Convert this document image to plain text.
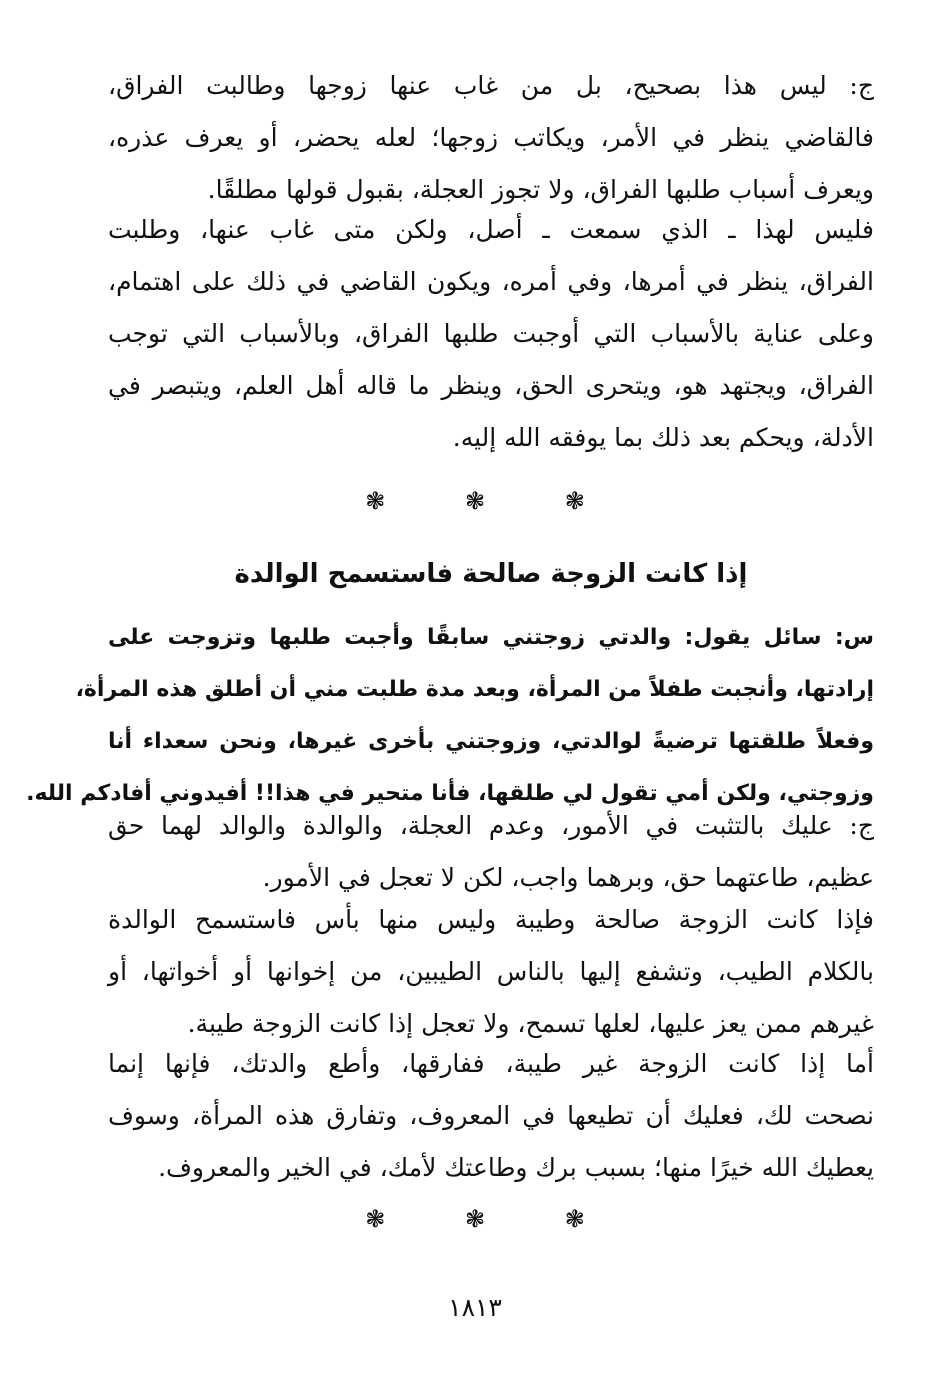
ج: ليس هذا بصحيح، بل من غاب عنها زوجها وطالبت الفراق،
فالقاضي ينظر في الأمر، ويكاتب زوجها؛ لعله يحضر، أو يعرف عذره،
ويعرف أسباب طلبها الفراق، ولا تجوز العجلة، بقبول قولها مطلقًا.
فليس لهذا ـ الذي سمعت ـ أصل، ولكن متى غاب عنها، وطلبت
الفراق، ينظر في أمرها، وفي أمره، ويكون القاضي في ذلك على اهتمام،
وعلى عناية بالأسباب التي أوجبت طلبها الفراق، وبالأسباب التي توجب
الفراق، ويجتهد هو، ويتحرى الحق، وينظر ما قاله أهل العلم، ويتبصر في
الأدلة، ويحكم بعد ذلك بما يوفقه الله إليه.
❃	❃	❃
إذا كانت الزوجة صالحة فاستسمح الوالدة
س: سائل يقول: والدتي زوجتني سابقًا وأجبت طلبها وتزوجت على
إرادتها، وأنجبت طفلاً من المرأة، وبعد مدة طلبت مني أن أطلق هذه المرأة،
وفعلاً طلقتها ترضيةً لوالدتي، وزوجتني بأخرى غيرها، ونحن سعداء أنا
وزوجتي، ولكن أمي تقول لي طلقها، فأنا متحير في هذا!! أفيدوني أفادكم الله.
ج: عليك بالتثبت في الأمور، وعدم العجلة، والوالدة والوالد لهما حق
عظيم، طاعتهما حق، وبرهما واجب، لكن لا تعجل في الأمور.
فإذا كانت الزوجة صالحة وطيبة وليس منها بأس فاستسمح الوالدة
بالكلام الطيب، وتشفع إليها بالناس الطيبين، من إخوانها أو أخواتها، أو
غيرهم ممن يعز عليها، لعلها تسمح، ولا تعجل إذا كانت الزوجة طيبة.
أما إذا كانت الزوجة غير طيبة، ففارقها، وأطع والدتك، فإنها إنما
نصحت لك، فعليك أن تطيعها في المعروف، وتفارق هذه المرأة، وسوف
يعطيك الله خيرًا منها؛ بسبب برك وطاعتك لأمك، في الخير والمعروف.
❃	❃	❃
١٨١٣
